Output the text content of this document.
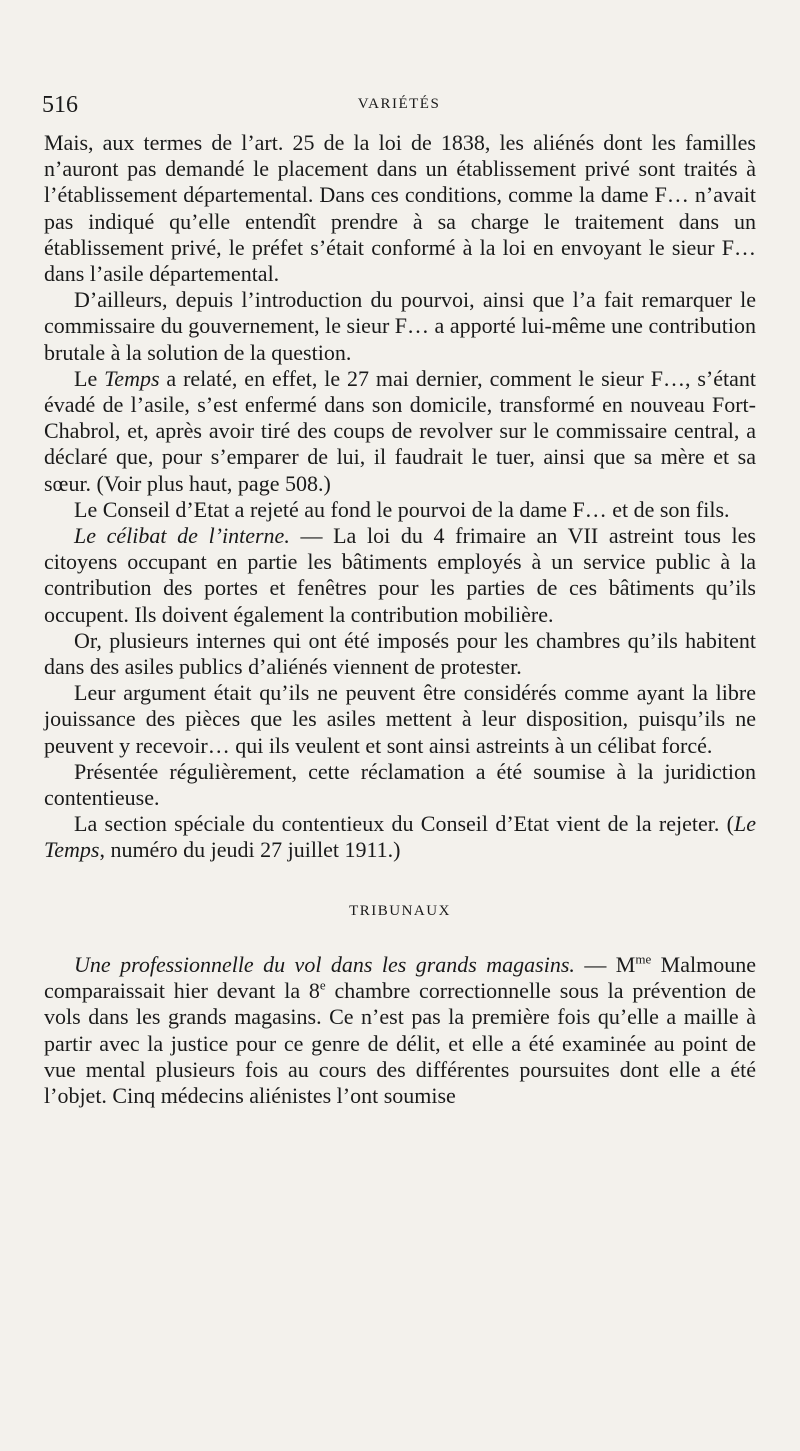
516	VARIÉTÉS

Mais, aux termes de l’art. 25 de la loi de 1838, les aliénés dont les familles n’auront pas demandé le placement dans un établissement privé sont traités à l’établissement départemental. Dans ces conditions, comme la dame F… n’avait pas indiqué qu’elle entendît prendre à sa charge le traitement dans un établissement privé, le préfet s’était conformé à la loi en envoyant le sieur F… dans l’asile départemental.

D’ailleurs, depuis l’introduction du pourvoi, ainsi que l’a fait remarquer le commissaire du gouvernement, le sieur F… a apporté lui-même une contribution brutale à la solution de la question.

Le Temps a relaté, en effet, le 27 mai dernier, comment le sieur F…, s’étant évadé de l’asile, s’est enfermé dans son domicile, transformé en nouveau Fort-Chabrol, et, après avoir tiré des coups de revolver sur le commissaire central, a déclaré que, pour s’emparer de lui, il faudrait le tuer, ainsi que sa mère et sa sœur. (Voir plus haut, page 508.)

Le Conseil d’Etat a rejeté au fond le pourvoi de la dame F… et de son fils.

Le célibat de l’interne. — La loi du 4 frimaire an VII astreint tous les citoyens occupant en partie les bâtiments employés à un service public à la contribution des portes et fenêtres pour les parties de ces bâtiments qu’ils occupent. Ils doivent également la contribution mobilière.

Or, plusieurs internes qui ont été imposés pour les chambres qu’ils habitent dans des asiles publics d’aliénés viennent de protester.

Leur argument était qu’ils ne peuvent être considérés comme ayant la libre jouissance des pièces que les asiles mettent à leur disposition, puisqu’ils ne peuvent y recevoir… qui ils veulent et sont ainsi astreints à un célibat forcé.

Présentée régulièrement, cette réclamation a été soumise à la juridiction contentieuse.

La section spéciale du contentieux du Conseil d’Etat vient de la rejeter. (Le Temps, numéro du jeudi 27 juillet 1911.)

TRIBUNAUX

Une professionnelle du vol dans les grands magasins. — $M^{me}$ Malmoune comparaissait hier devant la 8e chambre correctionnelle sous la prévention de vols dans les grands magasins. Ce n’est pas la première fois qu’elle a maille à partir avec la justice pour ce genre de délit, et elle a été examinée au point de vue mental plusieurs fois au cours des différentes poursuites dont elle a été l’objet. Cinq médecins aliénistes l’ont soumise
